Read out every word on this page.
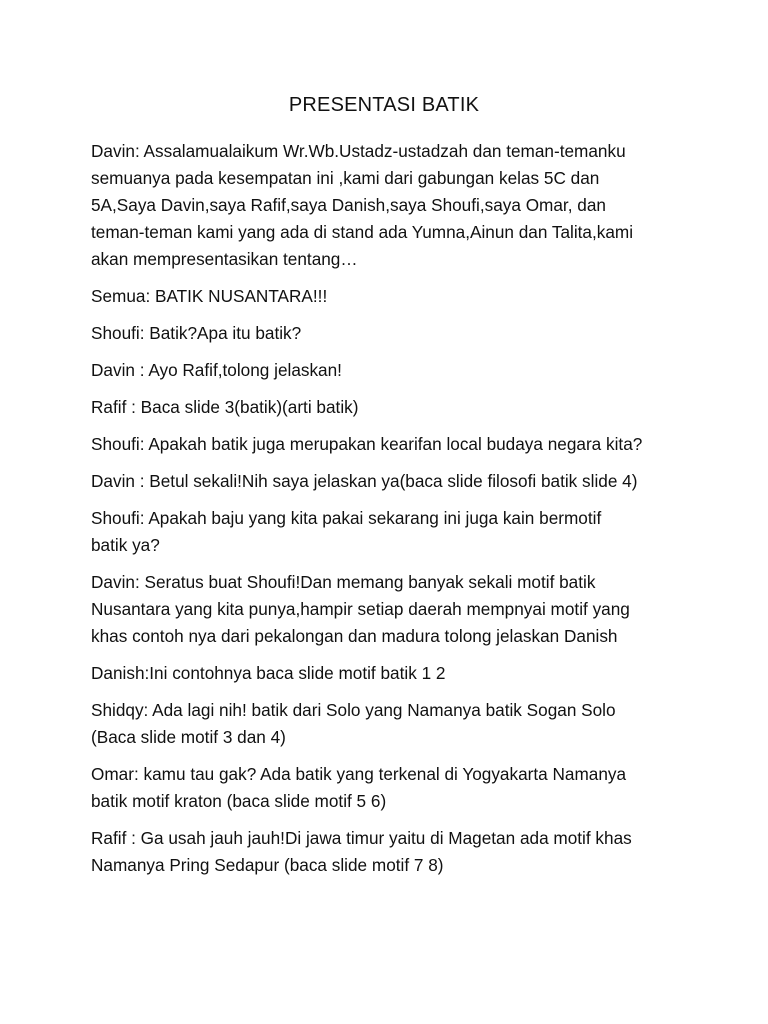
PRESENTASI BATIK

Davin: Assalamualaikum Wr.Wb.Ustadz-ustadzah dan teman-temanku
semuanya pada kesempatan ini ,kami dari gabungan kelas 5C dan
5A,Saya Davin,saya Rafif,saya Danish,saya Shoufi,saya Omar, dan
teman-teman kami yang ada di stand ada Yumna,Ainun dan Talita,kami
akan mempresentasikan tentang…

Semua: BATIK NUSANTARA!!!

Shoufi: Batik?Apa itu batik?

Davin : Ayo Rafif,tolong jelaskan!

Rafif : Baca slide 3(batik)(arti batik)

Shoufi: Apakah batik juga merupakan kearifan local budaya negara kita?

Davin : Betul sekali!Nih saya jelaskan ya(baca slide filosofi batik slide 4)

Shoufi: Apakah baju yang kita pakai sekarang ini juga kain bermotif
batik ya?

Davin: Seratus buat Shoufi!Dan memang banyak sekali motif batik
Nusantara yang kita punya,hampir setiap daerah mempnyai motif yang
khas contoh nya dari pekalongan dan madura tolong jelaskan Danish

Danish:Ini contohnya baca slide motif batik 1 2

Shidqy: Ada lagi nih! batik dari Solo yang Namanya batik Sogan Solo
(Baca slide motif 3 dan 4)

Omar: kamu tau gak? Ada batik yang terkenal di Yogyakarta Namanya
batik motif kraton (baca slide motif 5 6)

Rafif : Ga usah jauh jauh!Di jawa timur yaitu di Magetan ada motif khas
Namanya Pring Sedapur (baca slide motif 7 8)
